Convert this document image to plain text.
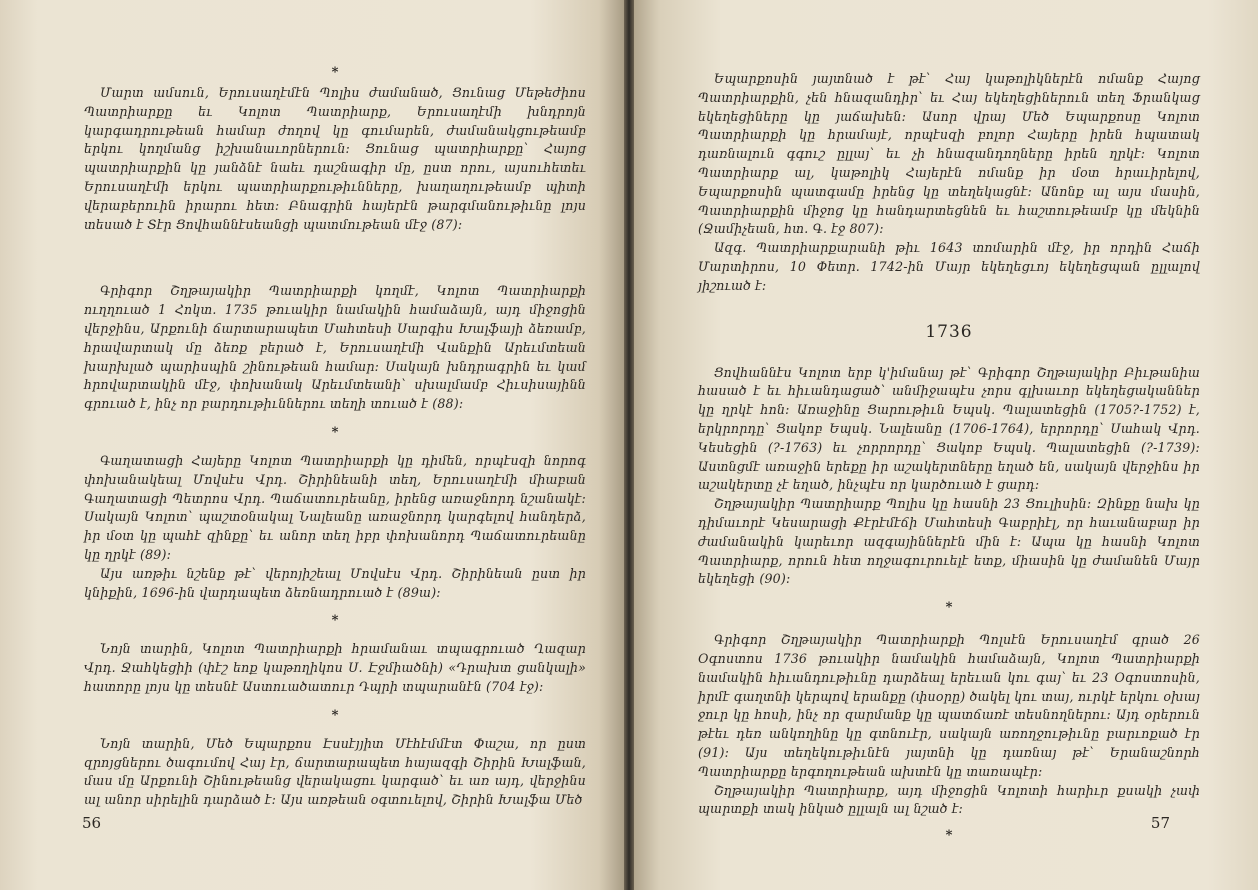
*

Մարտ ամսուն, Երուսաղէմէն Պոլիս ժամանած, Ցունաց Մեթեժիոս Պատրիարքը եւ Կոլոտ Պատրիարք, Երուսաղէմի խնդրոյն կարգադրութեան համար ժողով կը գումարեն, ժամանակցութեամբ երկու կողմանց իշխանաւորներուն։ Ցունաց պատրիարքը՝ Հայոց պատրիարքին կը յանձնէ նաեւ դաշնագիր մը, ըստ որու, այսուհետեւ Երուսաղէմի երկու պատրիարքութիւնները, խաղաղութեամբ պիտի վերաբերուին իրարու հետ։ Բնագրին հայերէն թարգմանութիւնը լոյս տեսած է Տէր Ցովհաննէսեանցի պատմութեան մէջ (87)։

Գրիգոր Շղթայակիր Պատրիարքի կողմէ, Կոլոտ Պատրիարքի ուղղուած 1 Հոկտ. 1735 թուակիր նամակին համաձայն, այդ միջոցին վերջինս, Արքունի ճարտարապետ Մահտեսի Սարգիս Խալֆայի ձեռամբ, հրավարտակ մը ձեռք բերած է, Երուսաղէմի Վանքին Արեւմտեան խարխլած պարիսպին շինութեան համար։ Սակայն խնդրագրին եւ կամ հրովարտակին մէջ, փոխանակ Արեւմտեանի՝ սխալմամբ Հիւսիսայինն գրուած է, ինչ որ բարդութիւններու տեղի տուած է (88)։

*

Գաղատացի Հայերը Կոլոտ Պատրիարքի կը դիմեն, որպէսզի նորոգ փոխանակեալ Մովսէս Վրդ. Շիրինեանի տեղ, Երուսաղէմի միաբան Գաղատացի Պետրոս Վրդ. Պաճատուրեանը, իրենց առաջնորդ նշանակէ։ Սակայն Կոլոտ՝ պաշտօնակալ Նալեանը առաջնորդ կարգելով հանդերձ, իր մօտ կը պահէ զինքը՝ եւ անոր տեղ իբր փոխանորդ Պաճատուրեանը կը ղրկէ (89)։

Այս առթիւ նշենք թէ՝ վերոյիշեալ Մովսէս Վրդ. Շիրինեան ըստ իր կնիքին, 1696-ին վարդապետ ձեռնադրուած է (89ա)։

*

Նոյն տարին, Կոլոտ Պատրիարքի հրամանաւ տպագրուած Ղազար Վրդ. Ջահկեցիի (փէշ եոք կաթողիկոս Ս. Էջմիածնի) «Դրախտ ցանկալի» հատորը լոյս կը տեսնէ Աստուածատուր Դպրի տպարանէն (704 էջ)։

*

Նոյն տարին, Մեծ Եպարքոս Էսսէյյիտ Մէհէմմէտ Փաշա, որ ըստ զրոյցներու ծագումով Հայ էր, ճարտարապետ հայազգի Շիրին Խալֆան, մաս մը Արքունի Շինութեանց վերակացու կարգած՝ եւ առ այդ, վերջինս ալ անոր սիրելին դարձած է։ Այս առթեան օգտուելով, Շիրին Խալֆա Մեծ

56

Եպարքոսին յայտնած է թէ՝ Հայ կաթոլիկներէն ոմանք Հայոց Պատրիարքին, չեն հնազանդիր՝ եւ Հայ եկեղեցիներուն տեղ Ֆրանկաց եկեղեցիները կը յաճախեն։ Ասոր վրայ Մեծ Եպարքոսը Կոլոտ Պատրիարքի կը հրամայէ, որպէսզի բոլոր Հայերը իրեն հպատակ դառնալուն գգուշ ըլլայ՝ եւ չի հնազանդողները իրեն ղրկէ։ Կոլոտ Պատրիարք ալ, կաթոլիկ Հայերէն ոմանք իր մօտ հրաւիրելով, Եպարքոսին պատգամը իրենց կը տեղեկացնէ։ Անոնք ալ այս մասին, Պատրիարքին միջոց կը հանդարտեցնեն եւ հաշտութեամբ կը մեկնին (Ջամիչեան, հտ. Գ. էջ 807)։

Ազգ. Պատրիարքարանի թիւ 1643 տոմարին մէջ, իր որդին Հաճի Մարտիրոս, 10 Փետր. 1742-ին Մայր եկեղեցւոյ եկեղեցպան ըլլալով յիշուած է։

1736

Ցովհաննէս Կոլոտ երբ կ'իմանայ թէ՝ Գրիգոր Շղթայակիր Բիւթանիա հասած է եւ հիւանդացած՝ անմիջապէս չորս գլխաւոր եկեղեցականներ կը ղրկէ հոն։ Առաջինը Ցարութիւն Եպսկ. Պալատեցին (1705?-1752) է, երկրորդը՝ Ցակոբ Եպսկ. Նալեանը (1706-1764), երրորդը՝ Սահակ Վրդ. Կեսեցին (?-1763) եւ չորրորդը՝ Ցակոբ Եպսկ. Պալատեցին (?-1739)։ Աստնցմէ առաջին երեքը իր աշակերտները եղած են, սակայն վերջինս իր աշակերտը չէ եղած, ինչպէս որ կարծուած է ցարդ։

Շղթայակիր Պատրիարք Պոլիս կը հասնի 23 Ցուլիսին։ Զինքը նախ կը դիմաւորէ Կեսարացի Քէրէմէճի Մահտեսի Գաբրիէլ, որ հաւանաբար իր ժամանակին կարեւոր ազգայիններէն մին է։ Ապա կը հասնի Կոլոտ Պատրիարք, որուն հետ ողջագուրուելէ ետք, միասին կը ժամանեն Մայր եկեղեցի (90)։

*

Գրիգոր Շղթայակիր Պատրիարքի Պոլսէն Երուսաղէմ գրած 26 Օգոստոս 1736 թուակիր նամակին համաձայն, Կոլոտ Պատրիարքի նամակին հիւանդութիւնը դարձեալ երեւան կու գայ՝ եւ 23 Օգոստոսին, իրմէ գաղտնի կերպով երանքը (փսօրը) ծակել կու տայ, ուրկէ երկու օխայ ջուր կը հոսի, ինչ որ զարմանք կը պատճառէ տեսնողներու։ Այդ օրերուն թէեւ դեռ անկողինը կը գտնուէր, սակայն առողջութիւնը բարւոքած էր (91)։ Այս տեղեկութիւնէն յայտնի կը դառնայ թէ՝ Երանաշնորհ Պատրիարքը երգողութեան ախտէն կը տառապէր։

Շղթայակիր Պատրիարք, այդ միջոցին Կոլոտի հարիւր քսակի չափ պարտքի տակ ինկած ըլլալն ալ նշած է։

*
57
